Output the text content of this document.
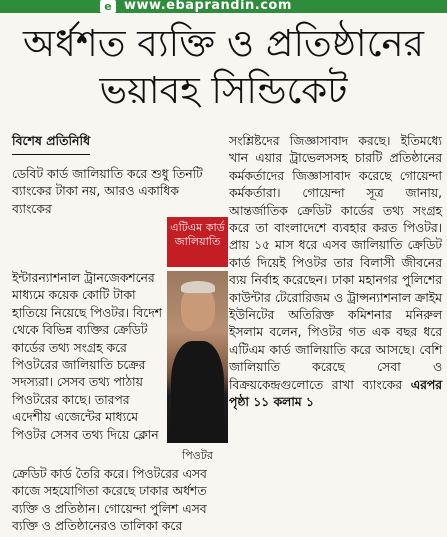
e www.ebaprandin.com
অর্ধশত ব্যক্তি ও প্রতিষ্ঠানের
ভয়াবহ সিন্ডিকেট
বিশেষ প্রতিনিধি
ডেবিট কার্ড জালিয়াতি করে শুধু তিনটি ব্যাংকের টাকা নয়, আরও একাধিক ব্যাংকের
ইন্টারন্যাশনাল ট্রানজেকশনের মাধ্যমে কয়েক কোটি টাকা হাতিয়ে নিয়েছে পিওটর। বিদেশ থেকে বিভিন্ন ব্যক্তির ক্রেডিট কার্ডের তথ্য সংগ্রহ করে পিওটরের জালিয়াতি চক্রের সদস্যরা। সেসব তথ্য পাঠায় পিওটরের কাছে। তারপর এদেশীয় এজেন্টের মাধ্যমে পিওটর সেসব তথ্য দিয়ে ক্লোন
ক্রেডিট কার্ড তৈরি করে। পিওটরের এসব কাজে সহযোগিতা করেছে ঢাকার অর্ধশত ব্যক্তি ও প্রতিষ্ঠান। গোয়েন্দা পুলিশ এসব ব্যক্তি ও প্রতিষ্ঠানেরও তালিকা করে
এটিএম কার্ড জালিয়াতি
পিওটর
সংশ্লিষ্টদের জিজ্ঞাসাবাদ করছে। ইতিমধ্যে খান এয়ার ট্রাভেলসসহ চারটি প্রতিষ্ঠানের কর্মকর্তাদের জিজ্ঞাসাবাদ করেছে গোয়েন্দা কর্মকর্তারা। গোয়েন্দা সূত্র জানায়, আন্তর্জাতিক ক্রেডিট কার্ডের তথ্য সংগ্রহ করে তা বাংলাদেশে ব্যবহার করত পিওটর। প্রায় ১৫ মাস ধরে এসব জালিয়াতি ক্রেডিট কার্ড দিয়েই পিওটর তার বিলাসী জীবনের ব্যয় নির্বাহ করেছেন। ঢাকা মহানগর পুলিশের কাউন্টার টেরোরিজম ও ট্রান্সন্যাশনাল ক্রাইম ইউনিটের অতিরিক্ত কমিশনার মনিরুল ইসলাম বলেন, পিওটর গত এক বছর ধরে এটিএম কার্ড জালিয়াতি করে আসছে। বেশি জালিয়াতি করেছে সেবা ও বিক্রয়কেন্দ্রগুলোতে রাখা ব্যাংকের এরপর পৃষ্ঠা ১১ কলাম ১
